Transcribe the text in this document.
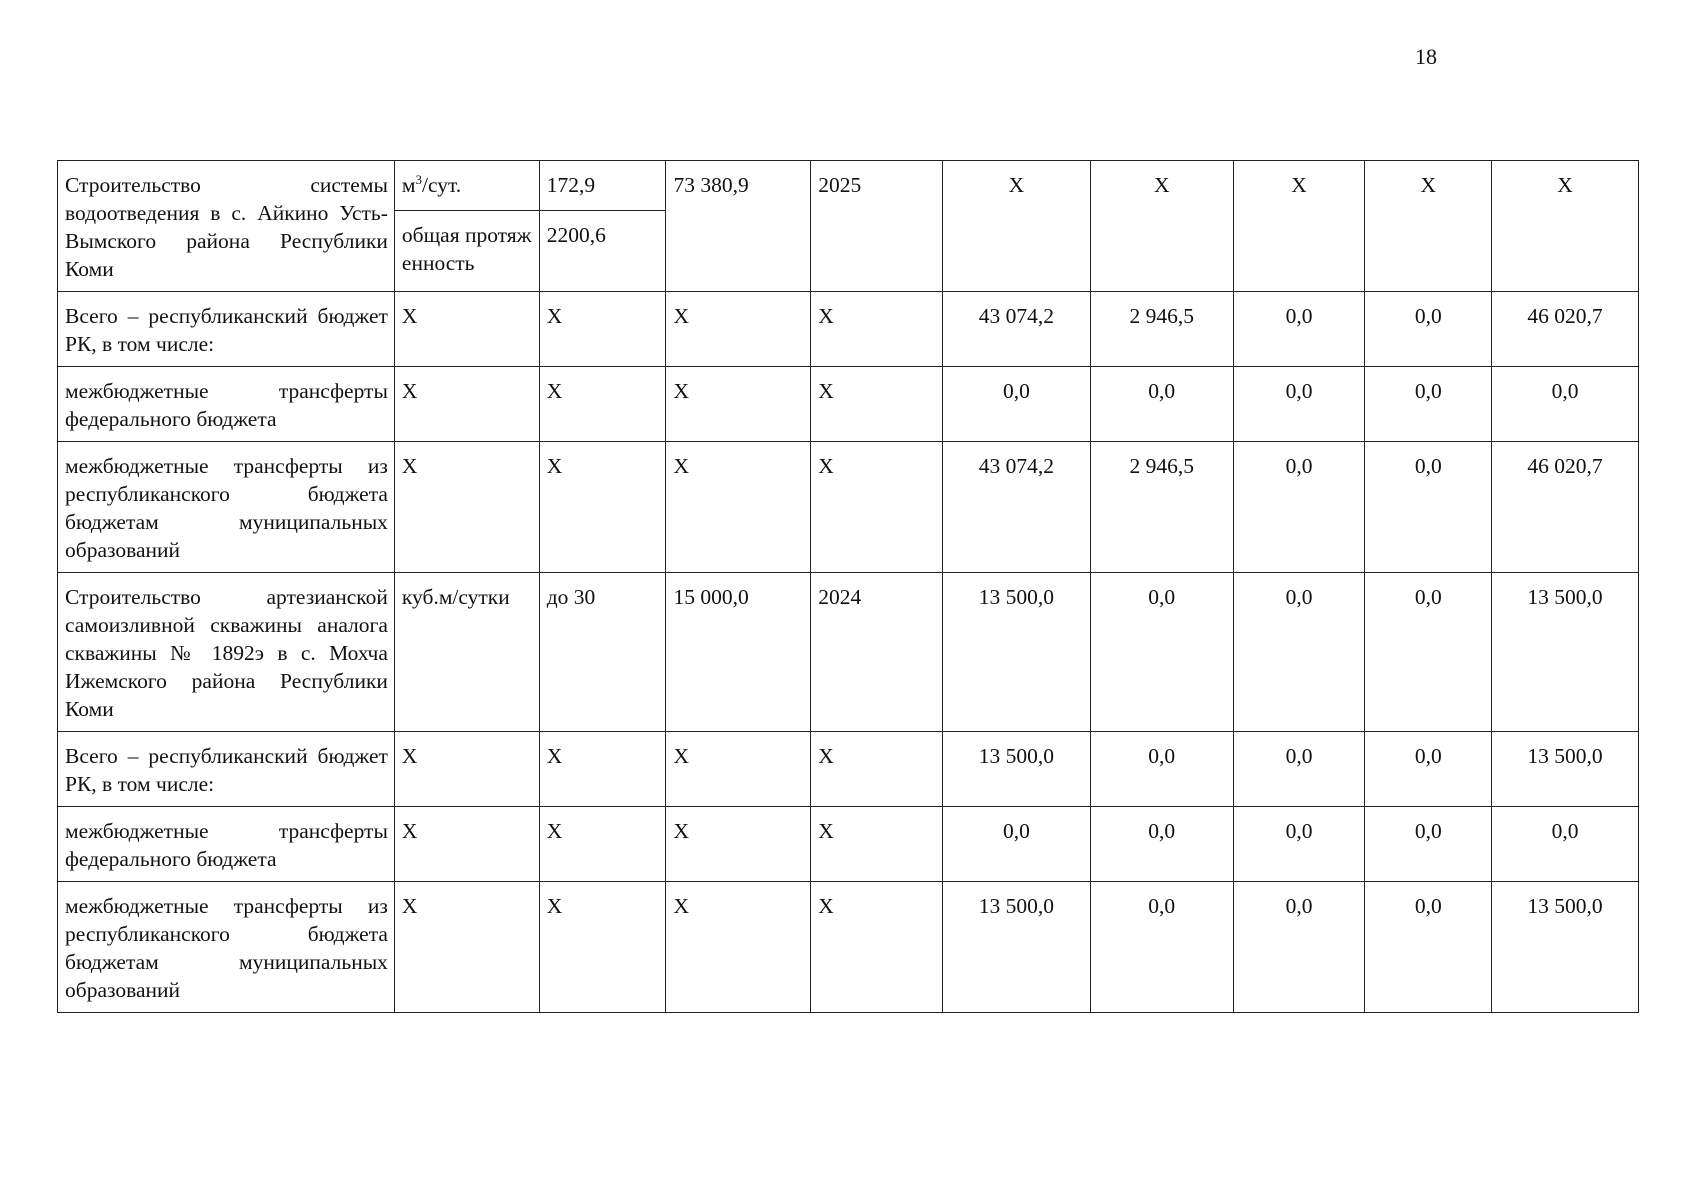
18
Строительство системы водоотведения в с. Айкино Усть-Вымского района Республики Коми	$м^3$/сут.	172,9	73 380,9	2025	X	X	X	X	X
	общая протяженность	2200,6							
Всего – республиканский бюджет РК, в том числе:	X	X	X	X	43 074,2	2 946,5	0,0	0,0	46 020,7
межбюджетные трансферты федерального бюджета	X	X	X	X	0,0	0,0	0,0	0,0	0,0
межбюджетные трансферты из республиканского бюджета бюджетам муниципальных образований	X	X	X	X	43 074,2	2 946,5	0,0	0,0	46 020,7
Строительство артезианской самоизливной скважины аналога скважины № 1892э в с. Мохча Ижемского района Республики Коми	куб.м/сутки	до 30	15 000,0	2024	13 500,0	0,0	0,0	0,0	13 500,0
Всего – республиканский бюджет РК, в том числе:	X	X	X	X	13 500,0	0,0	0,0	0,0	13 500,0
межбюджетные трансферты федерального бюджета	X	X	X	X	0,0	0,0	0,0	0,0	0,0
межбюджетные трансферты из республиканского бюджета бюджетам муниципальных образований	X	X	X	X	13 500,0	0,0	0,0	0,0	13 500,0
